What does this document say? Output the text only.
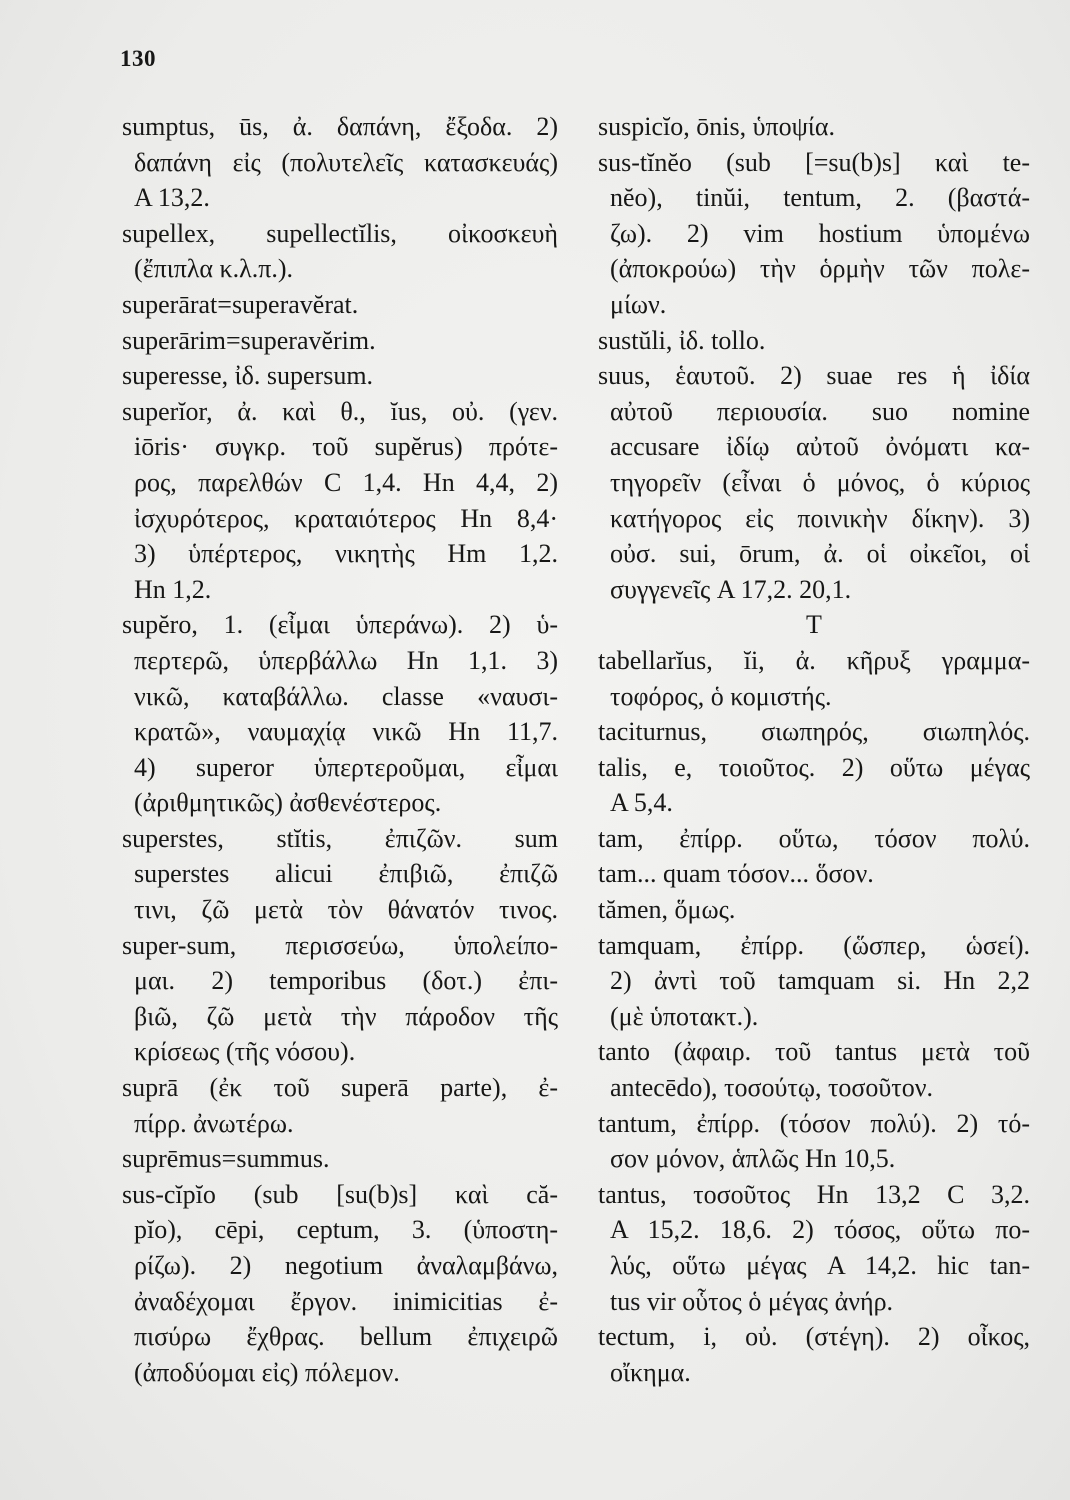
130
sumptus, ūs, ἀ. δαπάνη, ἔξοδα. 2)
δαπάνη εἰς (πολυτελεῖς κατασκευάς)
A 13,2.
supellex, supellectĭlis, οἰκοσκευὴ
(ἔπιπλα κ.λ.π.).
superārat=superavĕrat.
superārim=superavĕrim.
superesse, ἰδ. supersum.
superĭor, ἀ. καὶ θ., ĭus, οὐ. (γεν.
iōris· συγκρ. τοῦ supĕrus) πρότε-
ρος, παρελθών C 1,4. Hn 4,4, 2)
ἰσχυρότερος, κραταιότερος Hn 8,4·
3) ὑπέρτερος, νικητὴς Hm 1,2.
Hn 1,2.
supĕro, 1. (εἶμαι ὑπεράνω). 2) ὑ-
περτερῶ, ὑπερβάλλω Hn 1,1. 3)
νικῶ, καταβάλλω. classe «ναυσι-
κρατῶ», ναυμαχίᾳ νικῶ Hn 11,7.
4) superor ὑπερτεροῦμαι, εἶμαι
(ἀριθμητικῶς) ἀσθενέστερος.
superstes, stĭtis, ἐπιζῶν. sum
superstes alicui ἐπιβιῶ, ἐπιζῶ
τινι, ζῶ μετὰ τὸν θάνατόν τινος.
super-sum, περισσεύω, ὑπολείπο-
μαι. 2) temporibus (δοτ.) ἐπι-
βιῶ, ζῶ μετὰ τὴν πάροδον τῆς
κρίσεως (τῆς νόσου).
suprā (ἐκ τοῦ superā parte), ἐ-
πίρρ. ἀνωτέρω.
suprēmus=summus.
sus-cĭpĭo (sub [su(b)s] καὶ că-
pĭo), cēpi, ceptum, 3. (ὑποστη-
ρίζω). 2) negotium ἀναλαμβάνω,
ἀναδέχομαι ἔργον. inimicitias ἐ-
πισύρω ἔχθρας. bellum ἐπιχειρῶ
(ἀποδύομαι εἰς) πόλεμον.
suspicĭo, ōnis, ὑποψία.
sus-tĭnĕo (sub [=su(b)s] καὶ te-
nĕo), tinŭi, tentum, 2. (βαστά-
ζω). 2) vim hostium ὑπομένω
(ἀποκρούω) τὴν ὁρμὴν τῶν πολε-
μίων.
sustŭli, ἰδ. tollo.
suus, ἑαυτοῦ. 2) suae res ἡ ἰδία
αὐτοῦ περιουσία. suo nomine
accusare ἰδίῳ αὐτοῦ ὀνόματι κα-
τηγορεῖν (εἶναι ὁ μόνος, ὁ κύριος
κατήγορος εἰς ποινικὴν δίκην). 3)
οὐσ. sui, ōrum, ἀ. οἱ οἰκεῖοι, οἱ
συγγενεῖς A 17,2. 20,1.
T
tabellarĭus, ĭi, ἀ. κῆρυξ γραμμα-
τοφόρος, ὁ κομιστής.
taciturnus, σιωπηρός, σιωπηλός.
talis, e, τοιοῦτος. 2) οὕτω μέγας
A 5,4.
tam, ἐπίρρ. οὕτω, τόσον πολύ.
tam... quam τόσον... ὅσον.
tămen, ὅμως.
tamquam, ἐπίρρ. (ὥσπερ, ὡσεί).
2) ἀντὶ τοῦ tamquam si. Hn 2,2
(μὲ ὑποτακτ.).
tanto (ἀφαιρ. τοῦ tantus μετὰ τοῦ
antecēdo), τοσούτῳ, τοσοῦτον.
tantum, ἐπίρρ. (τόσον πολύ). 2) τό-
σον μόνον, ἁπλῶς Hn 10,5.
tantus, τοσοῦτος Hn 13,2 C 3,2.
A 15,2. 18,6. 2) τόσος, οὕτω πο-
λύς, οὕτω μέγας A 14,2. hic tan-
tus vir οὗτος ὁ μέγας ἀνήρ.
tectum, i, οὐ. (στέγη). 2) οἶκος,
οἴκημα.
